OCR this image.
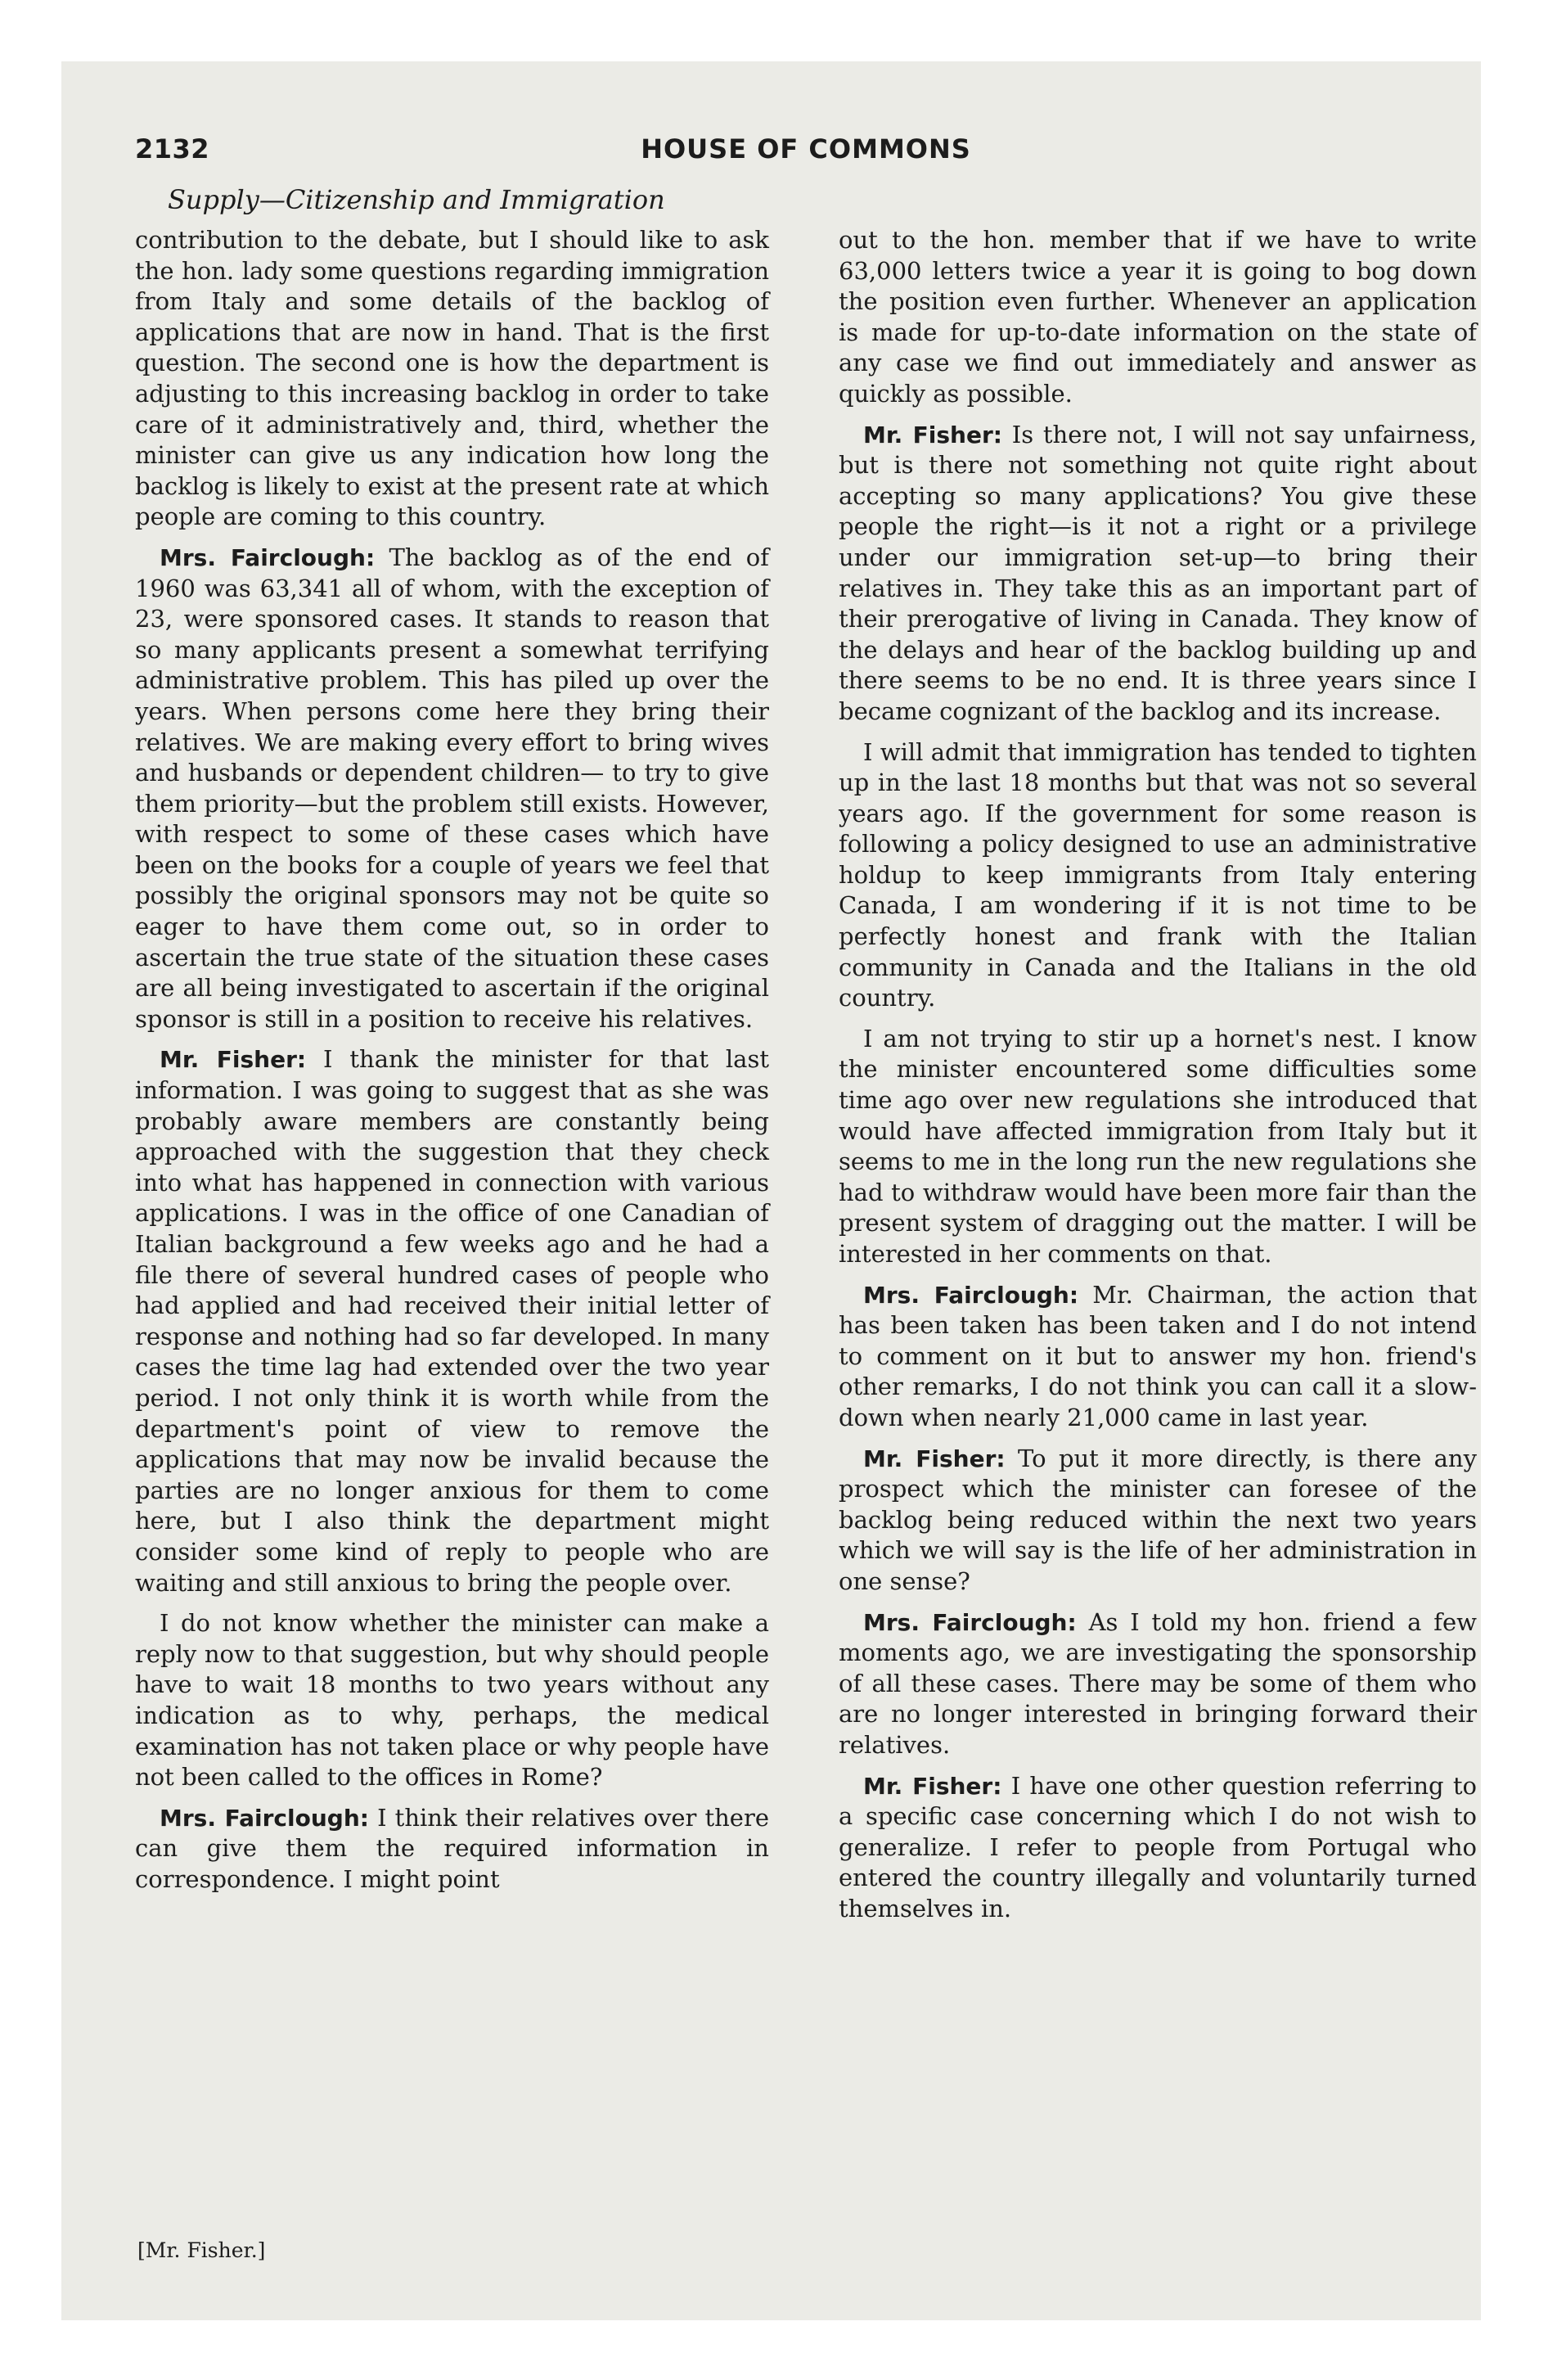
2132	HOUSE OF COMMONS
Supply—Citizenship and Immigration

contribution to the debate, but I should like to ask the hon. lady some questions regarding immigration from Italy and some details of the backlog of applications that are now in hand. That is the first question. The second one is how the department is adjusting to this increasing backlog in order to take care of it administratively and, third, whether the minister can give us any indication how long the backlog is likely to exist at the present rate at which people are coming to this country.

Mrs. Fairclough: The backlog as of the end of 1960 was 63,341 all of whom, with the exception of 23, were sponsored cases. It stands to reason that so many applicants present a somewhat terrifying administrative problem. This has piled up over the years. When persons come here they bring their relatives. We are making every effort to bring wives and husbands or dependent children— to try to give them priority—but the problem still exists. However, with respect to some of these cases which have been on the books for a couple of years we feel that possibly the original sponsors may not be quite so eager to have them come out, so in order to ascertain the true state of the situation these cases are all being investigated to ascertain if the original sponsor is still in a position to receive his relatives.

Mr. Fisher: I thank the minister for that last information. I was going to suggest that as she was probably aware members are constantly being approached with the suggestion that they check into what has happened in connection with various applications. I was in the office of one Canadian of Italian background a few weeks ago and he had a file there of several hundred cases of people who had applied and had received their initial letter of response and nothing had so far developed. In many cases the time lag had extended over the two year period. I not only think it is worth while from the department's point of view to remove the applications that may now be invalid because the parties are no longer anxious for them to come here, but I also think the department might consider some kind of reply to people who are waiting and still anxious to bring the people over.

I do not know whether the minister can make a reply now to that suggestion, but why should people have to wait 18 months to two years without any indication as to why, perhaps, the medical examination has not taken place or why people have not been called to the offices in Rome?

Mrs. Fairclough: I think their relatives over there can give them the required information in correspondence. I might point

out to the hon. member that if we have to write 63,000 letters twice a year it is going to bog down the position even further. Whenever an application is made for up-to-date information on the state of any case we find out immediately and answer as quickly as possible.

Mr. Fisher: Is there not, I will not say unfairness, but is there not something not quite right about accepting so many applications? You give these people the right—is it not a right or a privilege under our immigration set-up—to bring their relatives in. They take this as an important part of their prerogative of living in Canada. They know of the delays and hear of the backlog building up and there seems to be no end. It is three years since I became cognizant of the backlog and its increase.

I will admit that immigration has tended to tighten up in the last 18 months but that was not so several years ago. If the government for some reason is following a policy designed to use an administrative holdup to keep immigrants from Italy entering Canada, I am wondering if it is not time to be perfectly honest and frank with the Italian community in Canada and the Italians in the old country.

I am not trying to stir up a hornet's nest. I know the minister encountered some difficulties some time ago over new regulations she introduced that would have affected immigration from Italy but it seems to me in the long run the new regulations she had to withdraw would have been more fair than the present system of dragging out the matter. I will be interested in her comments on that.

Mrs. Fairclough: Mr. Chairman, the action that has been taken has been taken and I do not intend to comment on it but to answer my hon. friend's other remarks, I do not think you can call it a slow-down when nearly 21,000 came in last year.

Mr. Fisher: To put it more directly, is there any prospect which the minister can foresee of the backlog being reduced within the next two years which we will say is the life of her administration in one sense?

Mrs. Fairclough: As I told my hon. friend a few moments ago, we are investigating the sponsorship of all these cases. There may be some of them who are no longer interested in bringing forward their relatives.

Mr. Fisher: I have one other question referring to a specific case concerning which I do not wish to generalize. I refer to people from Portugal who entered the country illegally and voluntarily turned themselves in.

[Mr. Fisher.]
